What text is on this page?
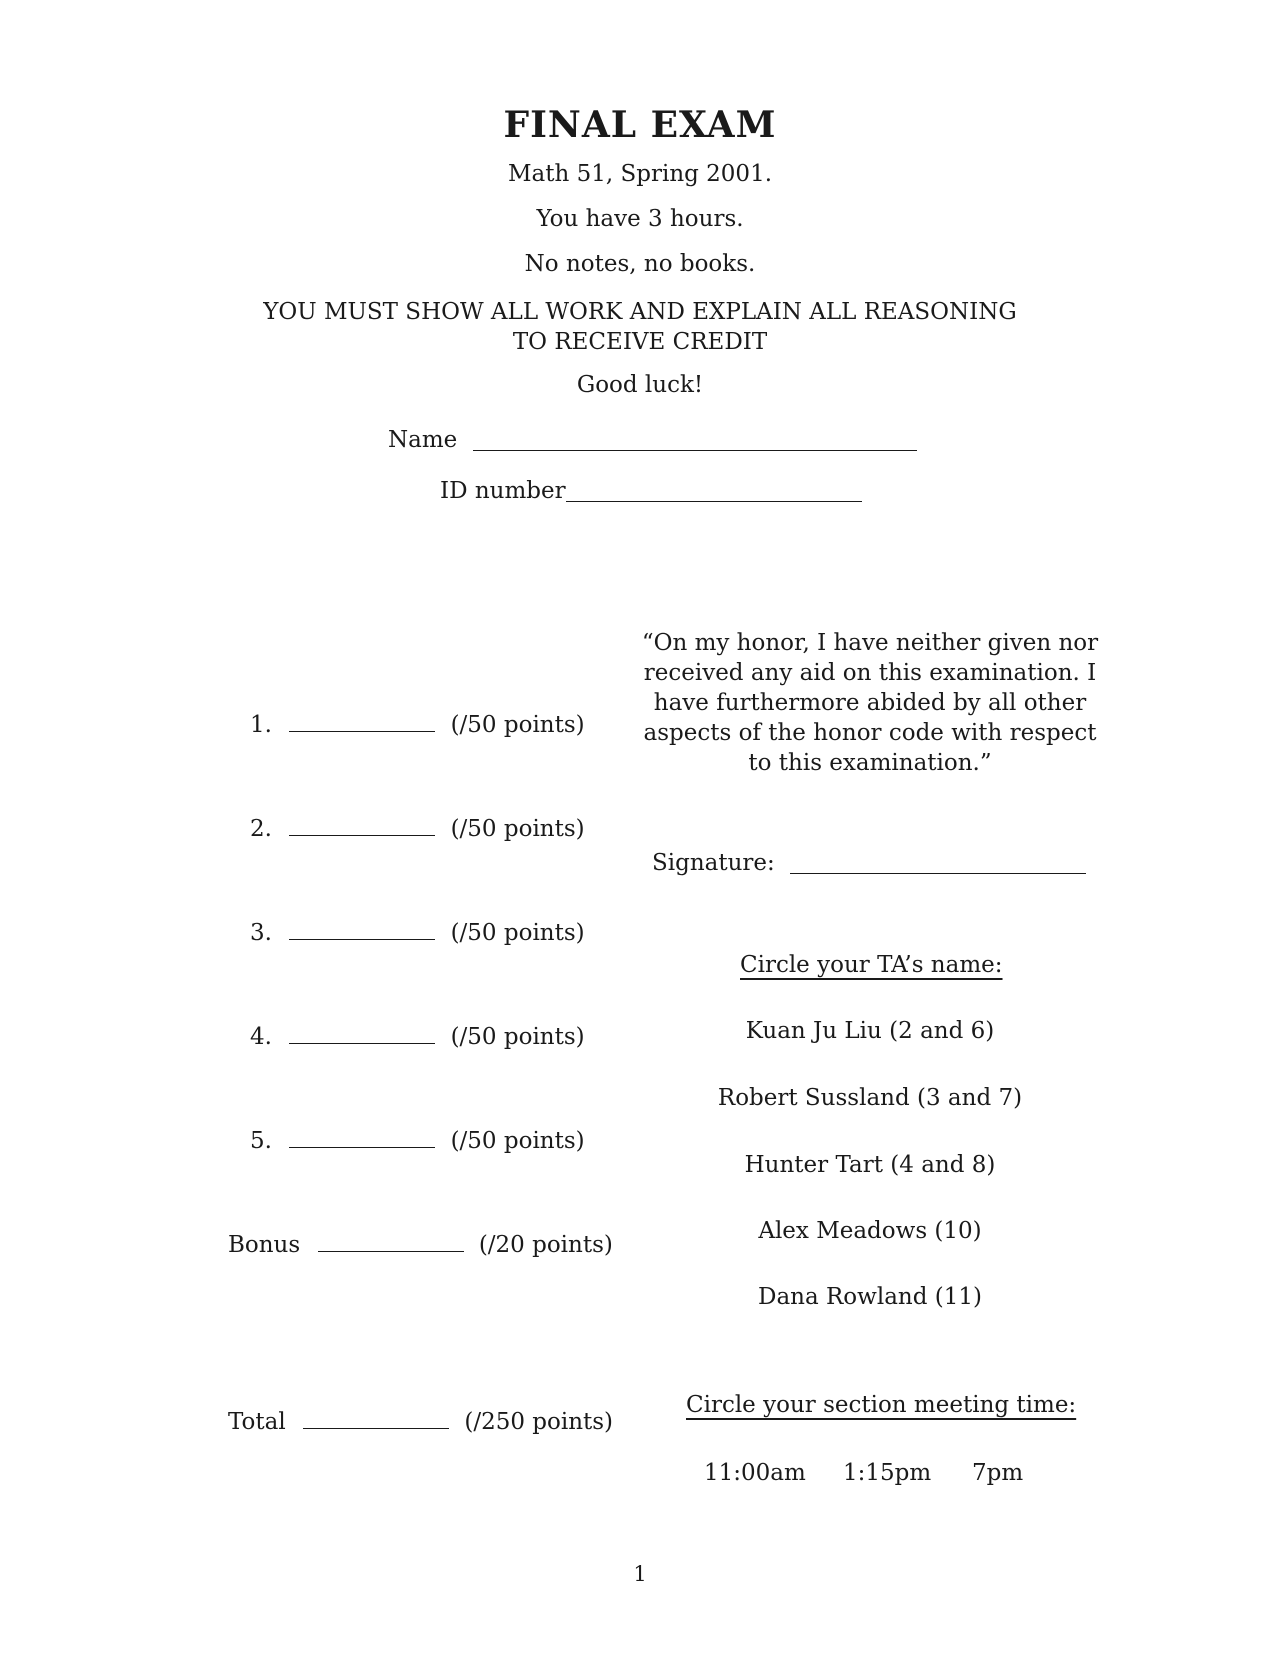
FINAL EXAM
Math 51, Spring 2001.
You have 3 hours.
No notes, no books.
YOU MUST SHOW ALL WORK AND EXPLAIN ALL REASONING
TO RECEIVE CREDIT
Good luck!
Name
ID number
1.	(/50 points)
2.	(/50 points)
3.	(/50 points)
4.	(/50 points)
5.	(/50 points)
Bonus	(/20 points)
Total	(/250 points)
“On my honor, I have neither given nor received any aid on this examination. I have furthermore abided by all other aspects of the honor code with respect to this examination.”
Signature:
Circle your TA’s name:
Kuan Ju Liu (2 and 6)
Robert Sussland (3 and 7)
Hunter Tart (4 and 8)
Alex Meadows (10)
Dana Rowland (11)
Circle your section meeting time:
11:00am 1:15pm 7pm
1
